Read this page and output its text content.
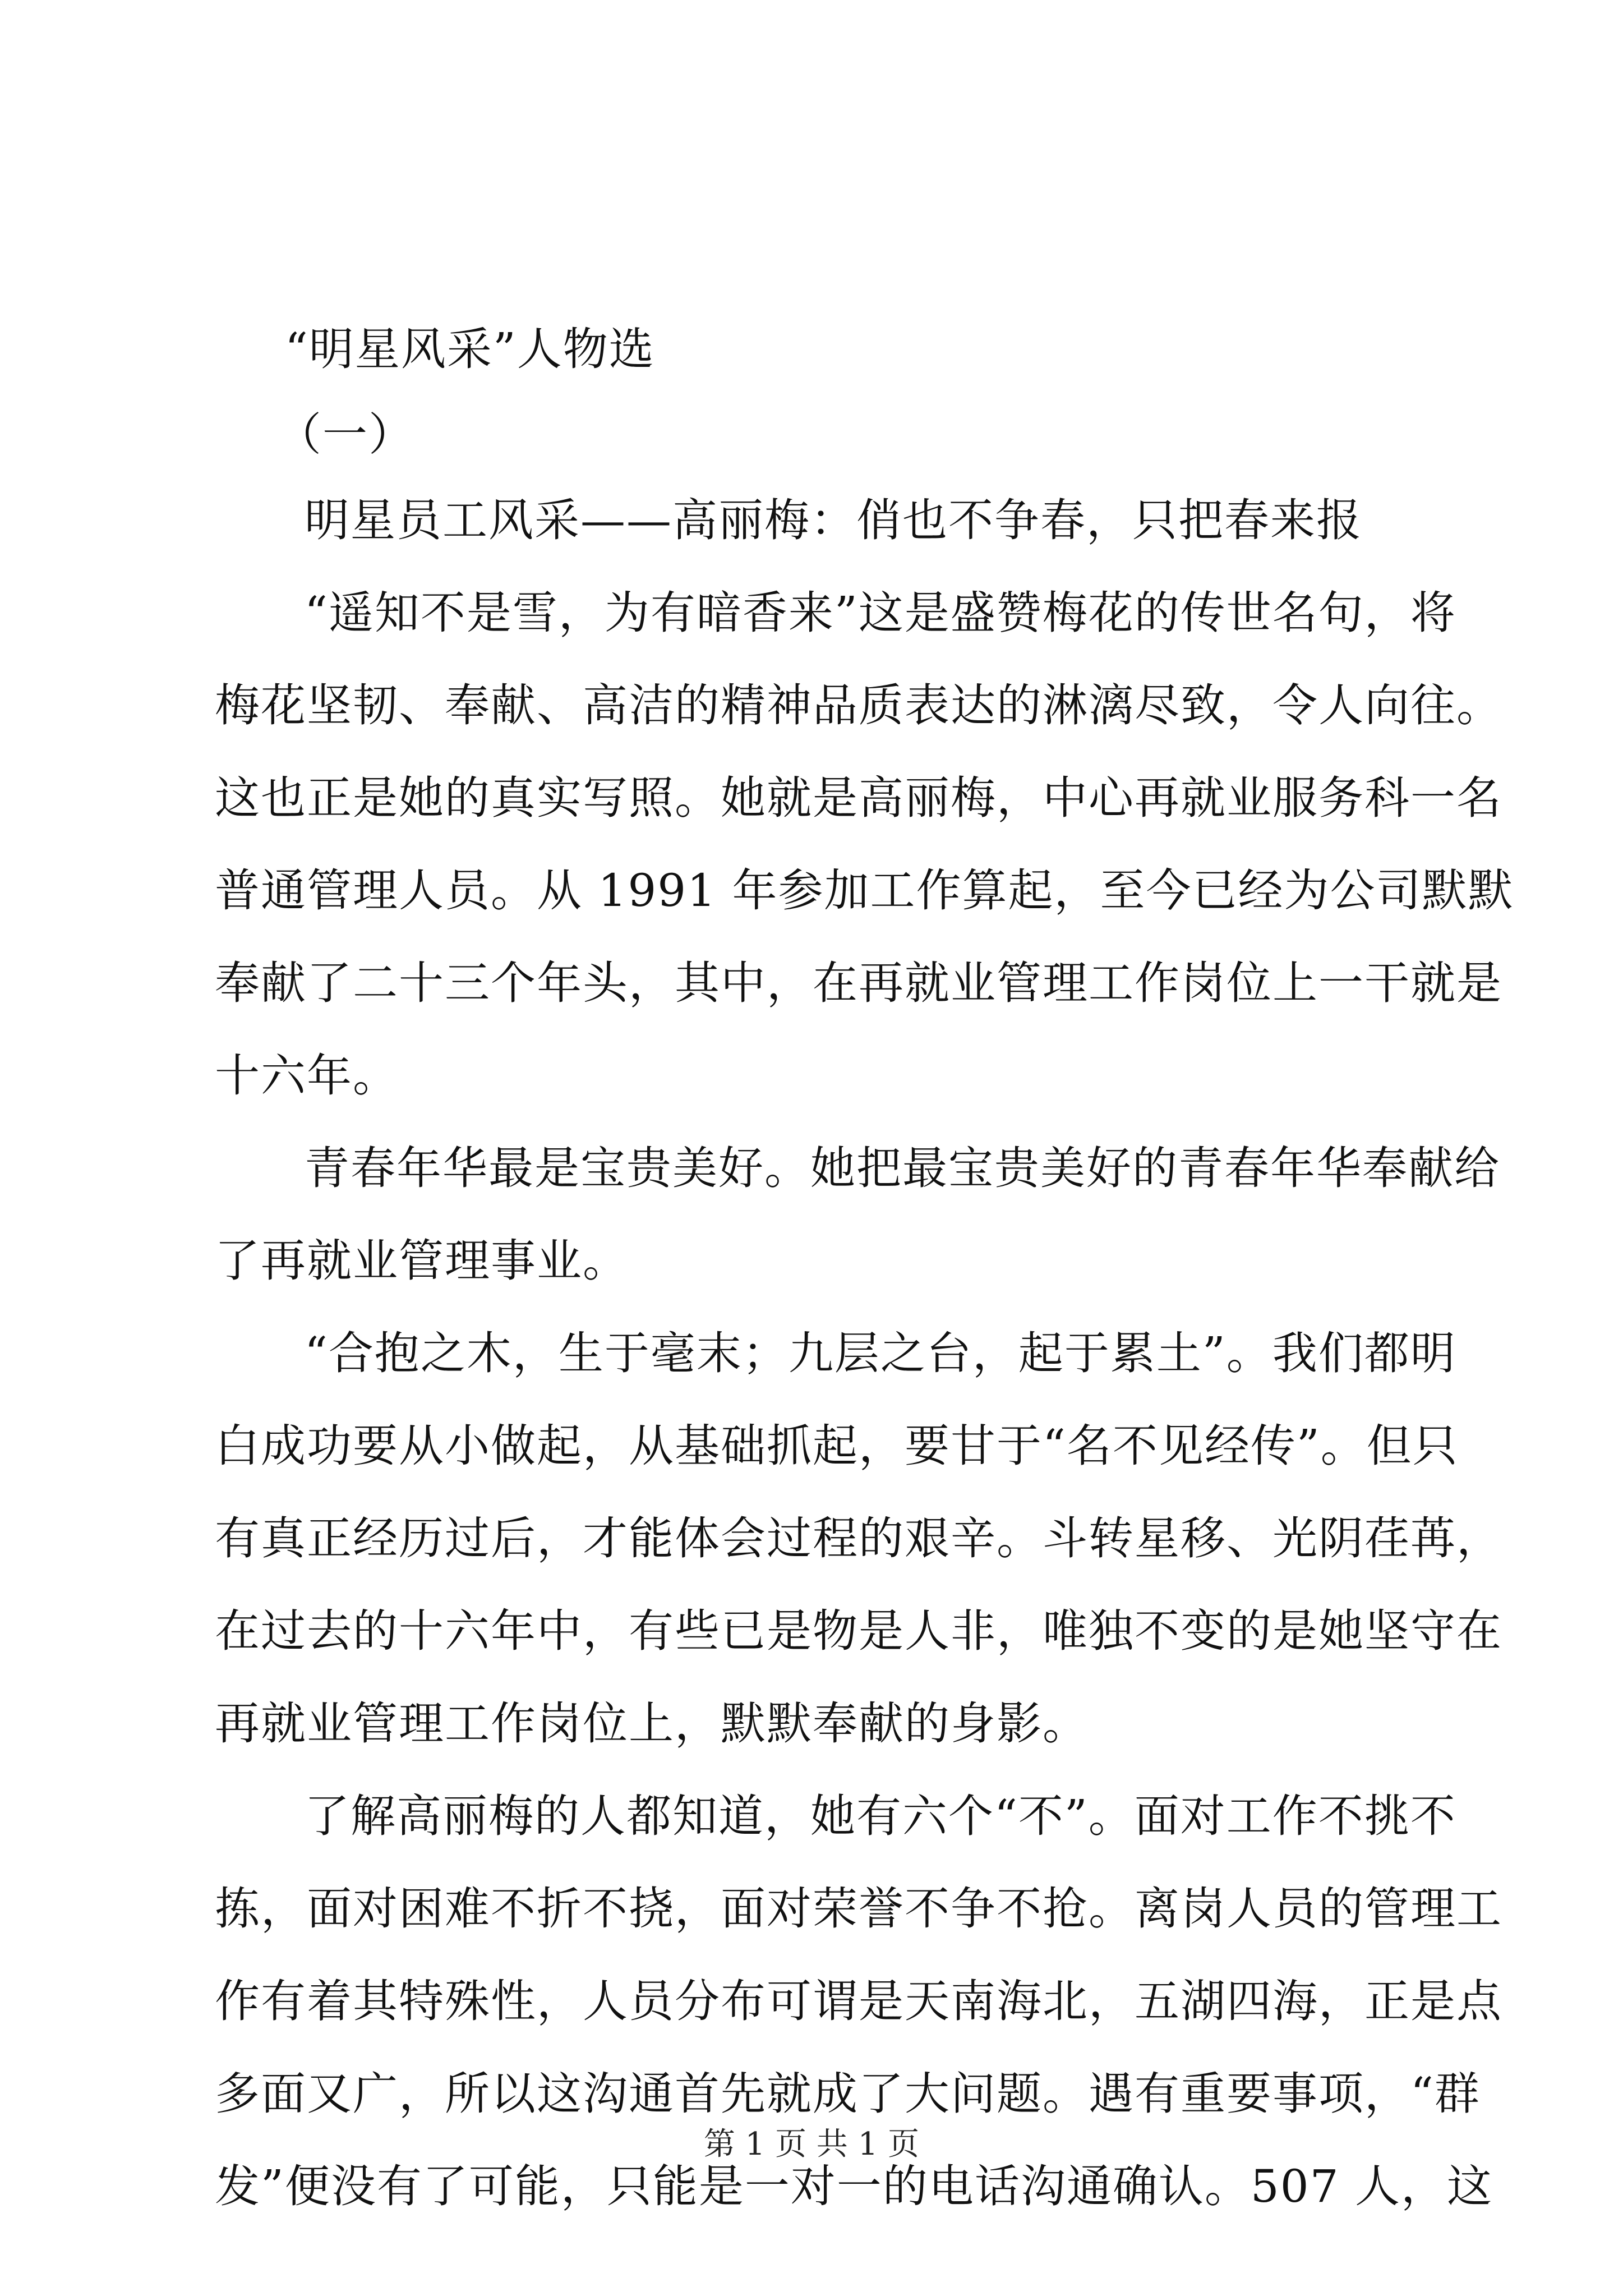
“明星风采”人物选
（一）
明星员工风采——高丽梅：俏也不争春，只把春来报
“遥知不是雪，为有暗香来”这是盛赞梅花的传世名句，将
梅花坚韧、奉献、高洁的精神品质表达的淋漓尽致，令人向往。
这也正是她的真实写照。她就是高丽梅，中心再就业服务科一名
普通管理人员。从 1991 年参加工作算起，至今已经为公司默默
奉献了二十三个年头，其中，在再就业管理工作岗位上一干就是
十六年。
青春年华最是宝贵美好。她把最宝贵美好的青春年华奉献给
了再就业管理事业。
“合抱之木，生于毫末；九层之台，起于累土”。我们都明
白成功要从小做起，从基础抓起，要甘于“名不见经传”。但只
有真正经历过后，才能体会过程的艰辛。斗转星移、光阴荏苒，
在过去的十六年中，有些已是物是人非，唯独不变的是她坚守在
再就业管理工作岗位上，默默奉献的身影。
了解高丽梅的人都知道，她有六个“不”。面对工作不挑不
拣，面对困难不折不挠，面对荣誉不争不抢。离岗人员的管理工
作有着其特殊性，人员分布可谓是天南海北，五湖四海，正是点
多面又广，所以这沟通首先就成了大问题。遇有重要事项，“群
发”便没有了可能，只能是一对一的电话沟通确认。507 人，这
第 1 页 共 1 页
